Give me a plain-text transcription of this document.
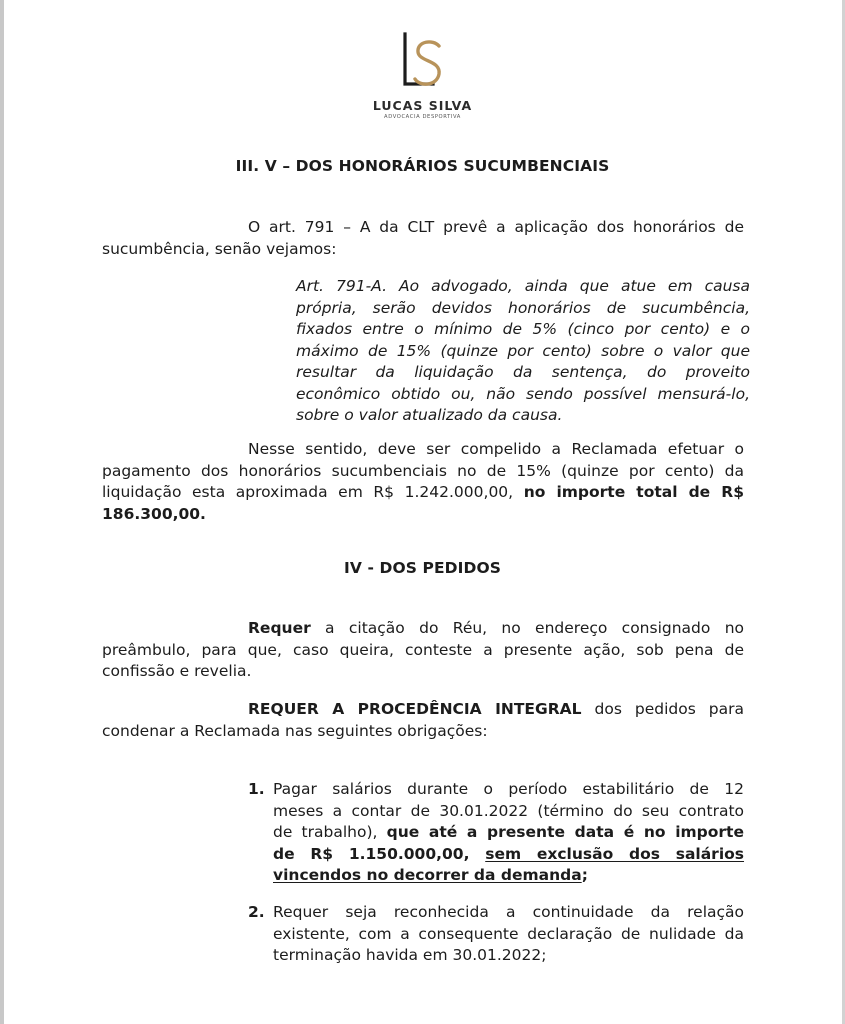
LUCAS SILVA
ADVOCACIA DESPORTIVA
III. V – DOS HONORÁRIOS SUCUMBENCIAIS
O art. 791 – A da CLT prevê a aplicação dos honorários de
sucumbência, senão vejamos:
Art. 791-A. Ao advogado, ainda que atue em causa
própria, serão devidos honorários de sucumbência,
fixados entre o mínimo de 5% (cinco por cento) e o
máximo de 15% (quinze por cento) sobre o valor que
resultar da liquidação da sentença, do proveito
econômico obtido ou, não sendo possível mensurá-lo,
sobre o valor atualizado da causa.
Nesse sentido, deve ser compelido a Reclamada efetuar o
pagamento dos honorários sucumbenciais no de 15% (quinze por cento) da
liquidação esta aproximada em R$ 1.242.000,00, no importe total de R$
186.300,00.
IV - DOS PEDIDOS
Requer a citação do Réu, no endereço consignado no
preâmbulo, para que, caso queira, conteste a presente ação, sob pena de
confissão e revelia.
REQUER A PROCEDÊNCIA INTEGRAL dos pedidos para
condenar a Reclamada nas seguintes obrigações:
1. Pagar salários durante o período estabilitário de 12
meses a contar de 30.01.2022 (término do seu contrato
de trabalho), que até a presente data é no importe
de R$ 1.150.000,00, sem exclusão dos salários
vincendos no decorrer da demanda;
2. Requer seja reconhecida a continuidade da relação
existente, com a consequente declaração de nulidade da
terminação havida em 30.01.2022;
